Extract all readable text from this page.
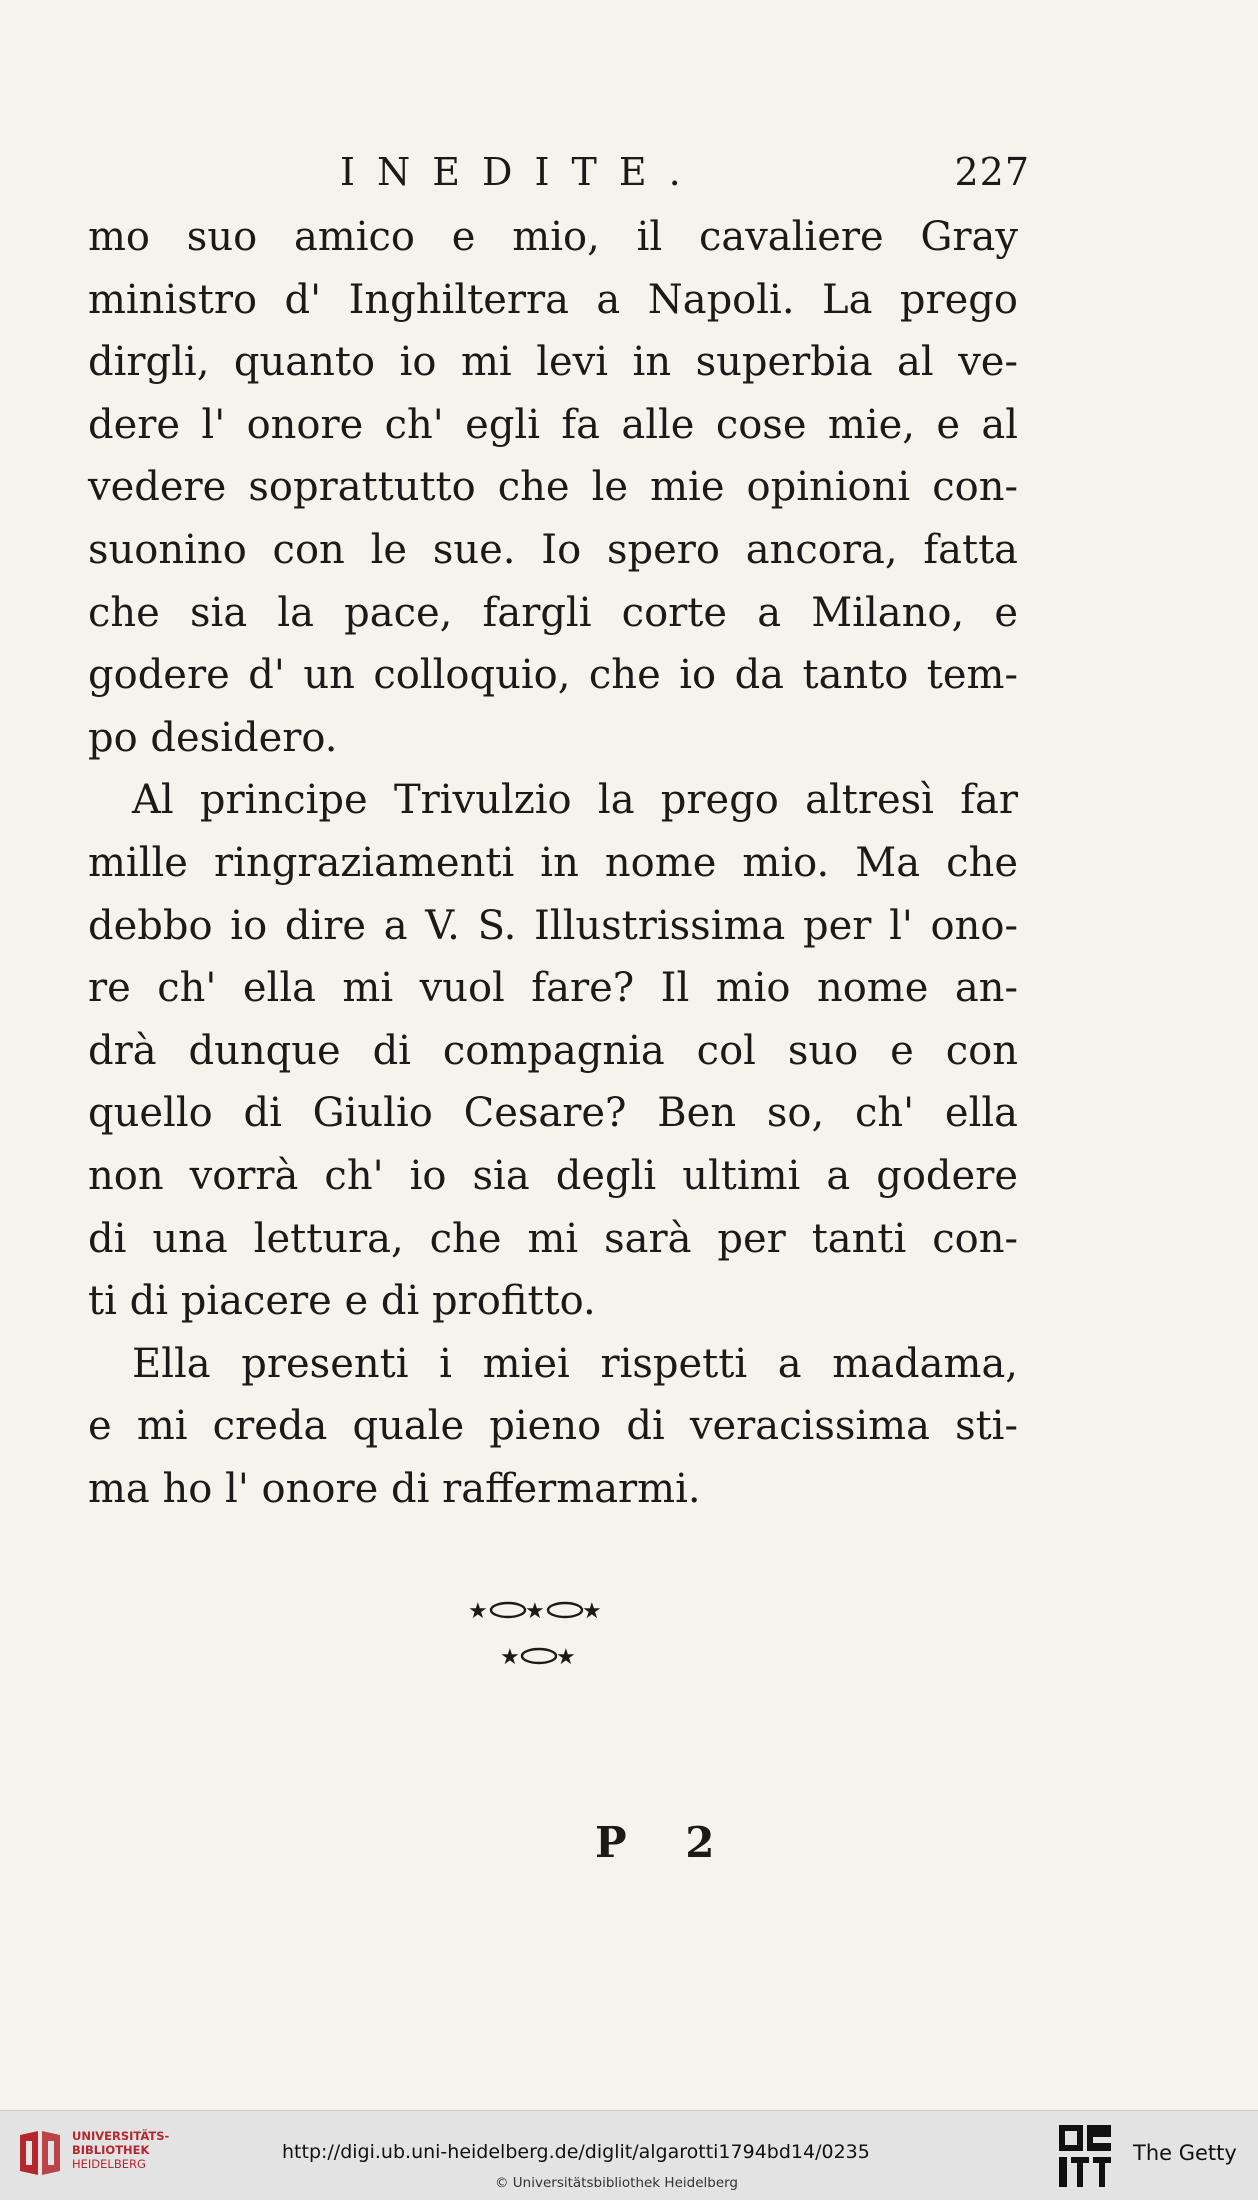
INEDITE.	227
mo suo amico e mio, il cavaliere Gray
ministro d' Inghilterra a Napoli. La prego
dirgli, quanto io mi levi in superbia al ve-
dere l' onore ch' egli fa alle cose mie, e al
vedere soprattutto che le mie opinioni con-
suonino con le sue. Io spero ancora, fatta
che sia la pace, fargli corte a Milano, e
godere d' un colloquio, che io da tanto tem-
po desidero.
Al principe Trivulzio la prego altresì far
mille ringraziamenti in nome mio. Ma che
debbo io dire a V. S. Illustrissima per l' ono-
re ch' ella mi vuol fare? Il mio nome an-
drà dunque di compagnia col suo e con
quello di Giulio Cesare? Ben so, ch' ella
non vorrà ch' io sia degli ultimi a godere
di una lettura, che mi sarà per tanti con-
ti di piacere e di profitto.
Ella presenti i miei rispetti a madama,
e mi creda quale pieno di veracissima sti-
ma ho l' onore di raffermarmi.
★ ★ ★
★ ★
P 2
UNIVERSITÄTS-
BIBLIOTHEK
HEIDELBERG
http://digi.ub.uni-heidelberg.de/diglit/algarotti1794bd14/0235
© Universitätsbibliothek Heidelberg
The Getty
